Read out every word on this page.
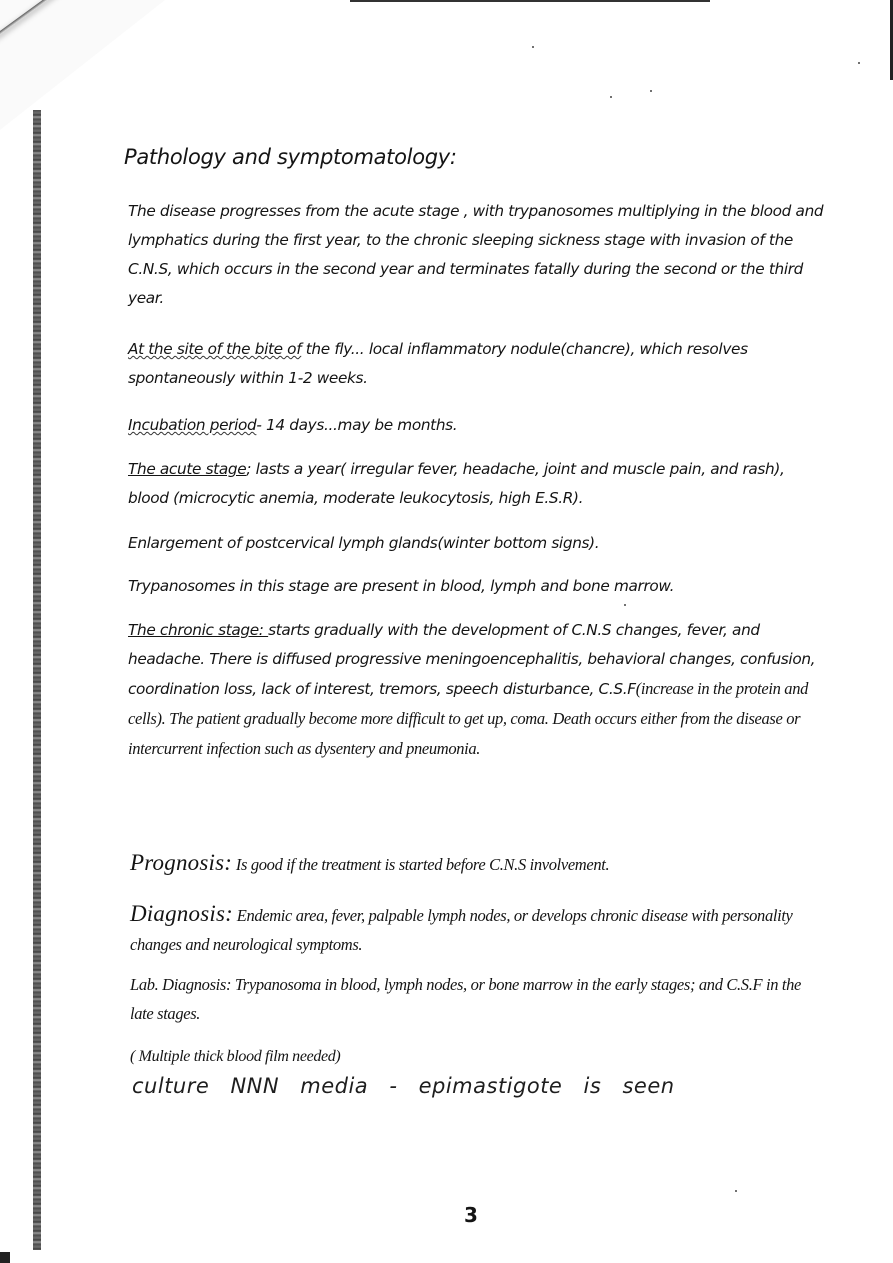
Pathology and symptomatology:
The disease progresses from the acute stage , with trypanosomes multiplying in the blood and lymphatics during the first year, to the chronic sleeping sickness stage with invasion of the C.N.S, which occurs in the second year and terminates fatally during the second or the third year.
At the site of the bite of the fly... local inflammatory nodule(chancre), which resolves spontaneously within 1-2 weeks.
Incubation period- 14 days...may be months.
The acute stage; lasts a year( irregular fever, headache, joint and muscle pain, and rash), blood (microcytic anemia, moderate leukocytosis, high E.S.R).
Enlargement of postcervical lymph glands(winter bottom signs).
Trypanosomes in this stage are present in blood, lymph and bone marrow.
The chronic stage: starts gradually with the development of C.N.S changes, fever, and headache. There is diffused progressive meningoencephalitis, behavioral changes, confusion, coordination loss, lack of interest, tremors, speech disturbance, C.S.F(increase in the protein and cells). The patient gradually become more difficult to get up, coma. Death occurs either from the disease or intercurrent infection such as dysentery and pneumonia.
Prognosis: Is good if the treatment is started before C.N.S involvement.
Diagnosis: Endemic area, fever, palpable lymph nodes, or develops chronic disease with personality changes and neurological symptoms.
Lab. Diagnosis: Trypanosoma in blood, lymph nodes, or bone marrow in the early stages; and C.S.F in the late stages.
( Multiple thick blood film needed)
culture NNN media - epimastigote is seen
3
